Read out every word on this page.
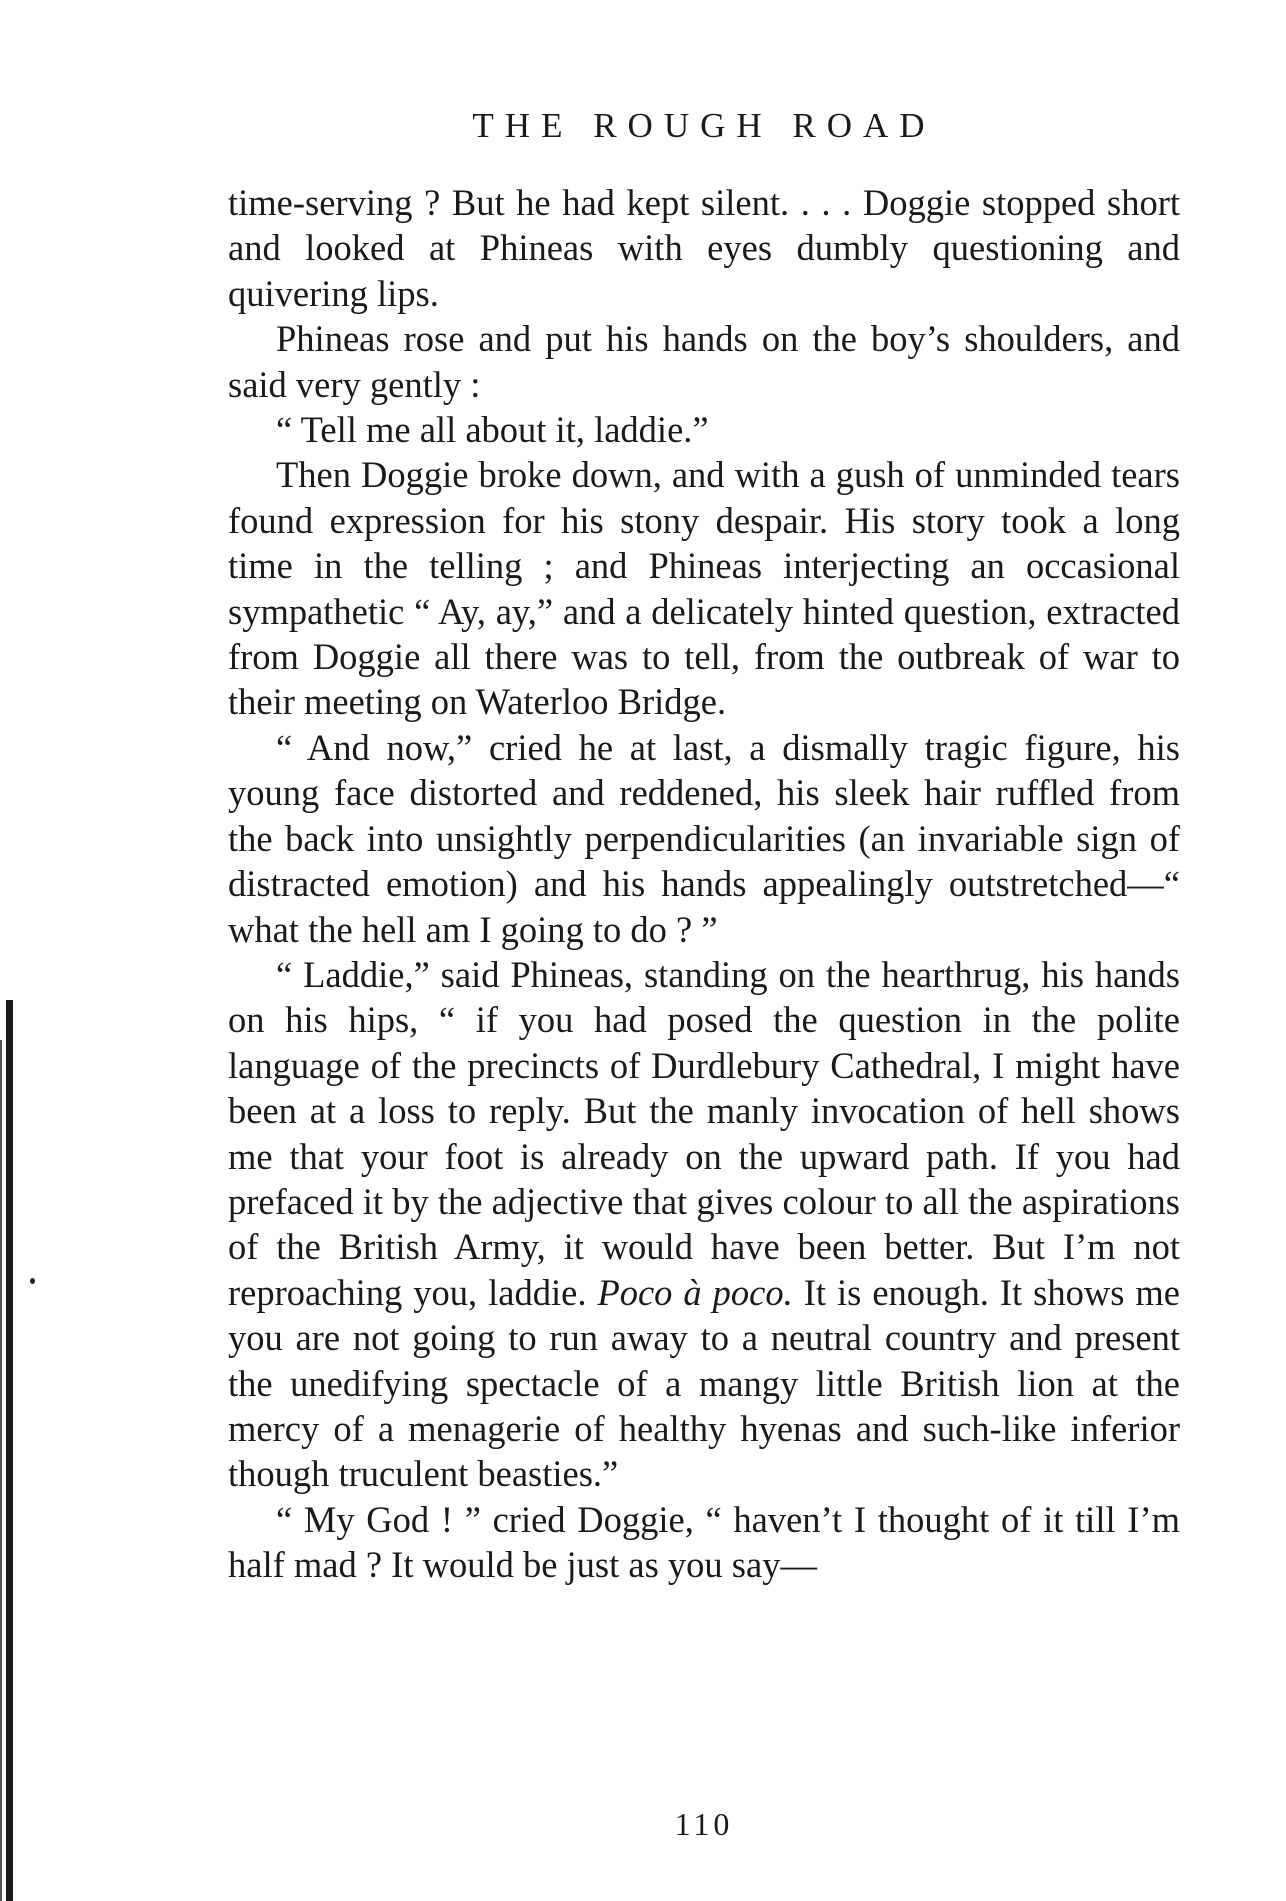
THE ROUGH ROAD

time-serving ? But he had kept silent. . . . Doggie stopped short and looked at Phineas with eyes dumbly questioning and quivering lips.

Phineas rose and put his hands on the boy’s shoulders, and said very gently :

“ Tell me all about it, laddie.”

Then Doggie broke down, and with a gush of unminded tears found expression for his stony despair. His story took a long time in the telling ; and Phineas interjecting an occasional sympathetic “ Ay, ay,” and a delicately hinted question, extracted from Doggie all there was to tell, from the outbreak of war to their meeting on Waterloo Bridge.

“ And now,” cried he at last, a dismally tragic figure, his young face distorted and reddened, his sleek hair ruffled from the back into unsightly perpendicularities (an invariable sign of distracted emotion) and his hands appealingly outstretched—“ what the hell am I going to do ? ”

“ Laddie,” said Phineas, standing on the hearthrug, his hands on his hips, “ if you had posed the question in the polite language of the precincts of Durdlebury Cathedral, I might have been at a loss to reply. But the manly invocation of hell shows me that your foot is already on the upward path. If you had prefaced it by the adjective that gives colour to all the aspirations of the British Army, it would have been better. But I’m not reproaching you, laddie. Poco à poco. It is enough. It shows me you are not going to run away to a neutral country and present the unedifying spectacle of a mangy little British lion at the mercy of a menagerie of healthy hyenas and such-like inferior though truculent beasties.”

“ My God ! ” cried Doggie, “ haven’t I thought of it till I’m half mad ? It would be just as you say—

110
